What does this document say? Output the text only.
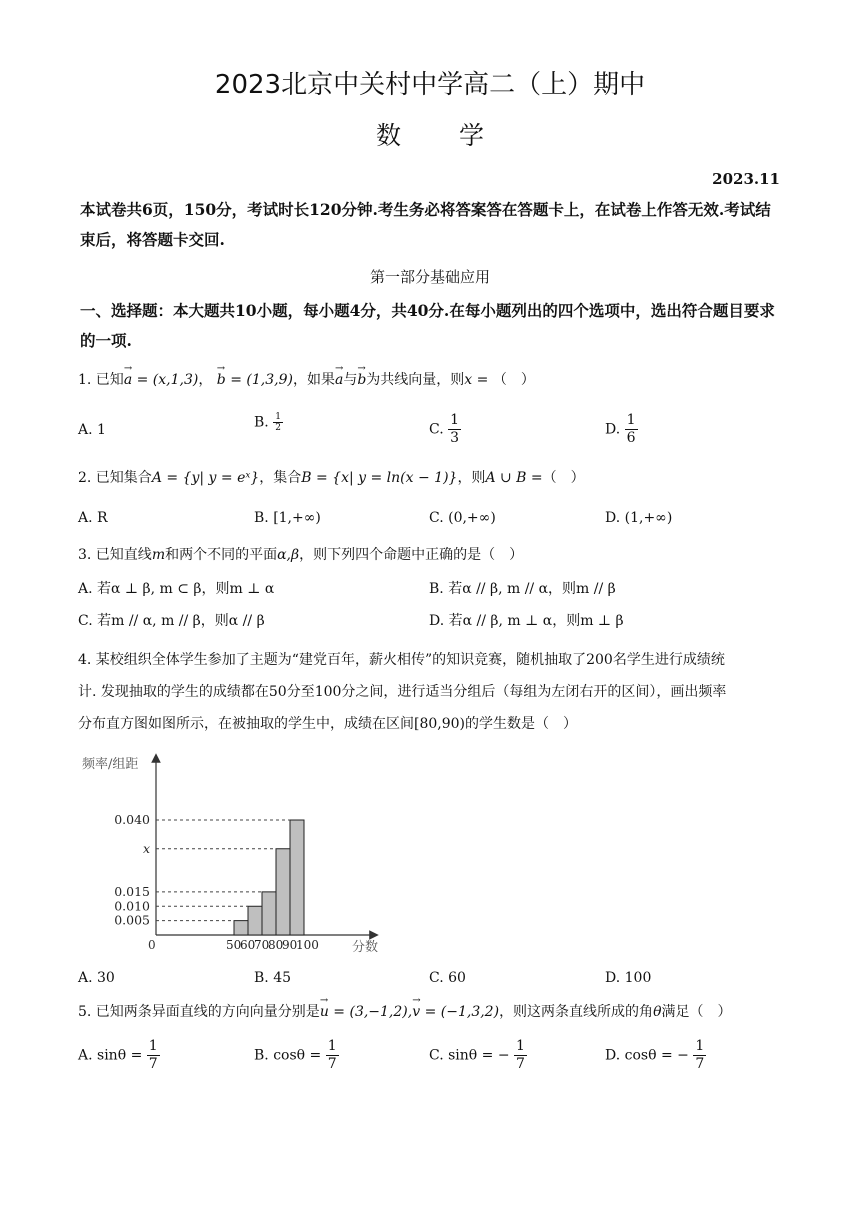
2023北京中关村中学高二（上）期中
数学
2023.11
本试卷共6页，150分，考试时长120分钟.考生务必将答案答在答题卡上，在试卷上作答无效.考试结束后，将答题卡交回.
第一部分基础应用
一、选择题：本大题共10小题，每小题4分，共40分.在每小题列出的四个选项中，选出符合题目要求的一项.
1. 已知→ a = (x,1,3)， → b = (1,3,9)，如果→ a与→ b为共线向量，则x = （　）
A. 1	B. $\frac{1}{2}$	C. $\frac{1}{3}$	D. $\frac{1}{6}$
2. 已知集合A = {y| y = eˣ}，集合B = {x| y = ln(x − 1)}，则A ∪ B =（　）
A. R	B. [1,+∞)	C. (0,+∞)	D. (1,+∞)
3. 已知直线m和两个不同的平面α,β，则下列四个命题中正确的是（　）
A. 若α ⊥ β, m ⊂ β，则m ⊥ α	B. 若α // β, m // α，则m // β
C. 若m // α, m // β，则α // β	D. 若α // β, m ⊥ α，则m ⊥ β
4. 某校组织全体学生参加了主题为“建党百年，薪火相传”的知识竞赛，随机抽取了200名学生进行成绩统
计. 发现抽取的学生的成绩都在50分至100分之间，进行适当分组后（每组为左闭右开的区间），画出频率
分布直方图如图所示，在被抽取的学生中，成绩在区间[80,90)的学生数是（　）
频率/组距
分数
0
0.005
0.010
0.015
x
0.040
50
60
70
80
90
100
A. 30	B. 45	C. 60	D. 100
5. 已知两条异面直线的方向向量分别是→ u = (3,−1,2),→ v = (−1,3,2)，则这两条直线所成的角θ满足（　）
A. $\sin\theta = \frac{1}{7}$	B. $\cos\theta = \frac{1}{7}$	C. sinθ = − $\frac{1}{7}$	D. cosθ = − $\frac{1}{7}$
